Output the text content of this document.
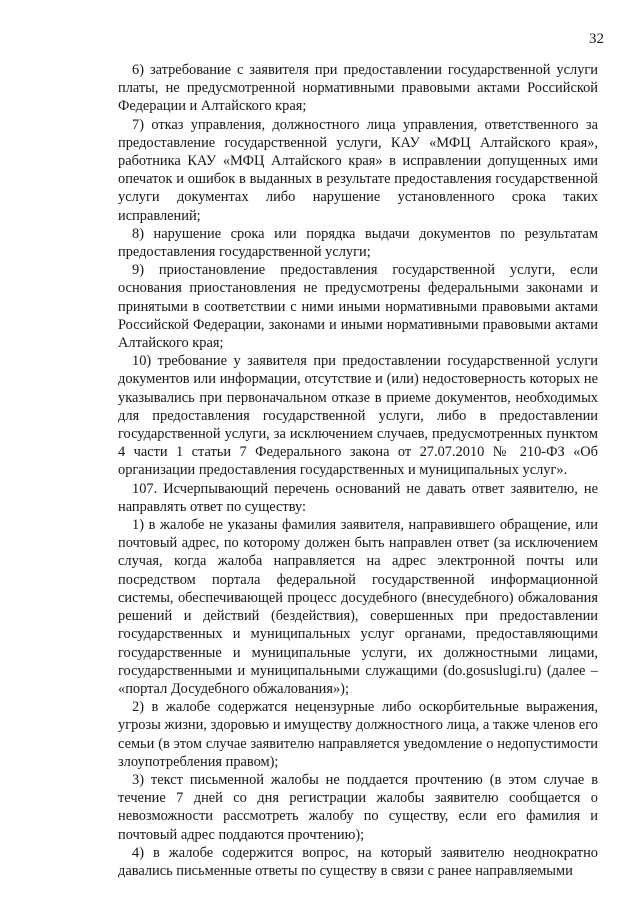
32

6) затребование с заявителя при предоставлении государственной услуги платы, не предусмотренной нормативными правовыми актами Российской Федерации и Алтайского края;

7) отказ управления, должностного лица управления, ответственного за предоставление государственной услуги, КАУ «МФЦ Алтайского края», работника КАУ «МФЦ Алтайского края» в исправлении допущенных ими опечаток и ошибок в выданных в результате предоставления государственной услуги документах либо нарушение установленного срока таких исправлений;

8) нарушение срока или порядка выдачи документов по результатам предоставления государственной услуги;

9) приостановление предоставления государственной услуги, если основания приостановления не предусмотрены федеральными законами и принятыми в соответствии с ними иными нормативными правовыми актами Российской Федерации, законами и иными нормативными правовыми актами Алтайского края;

10) требование у заявителя при предоставлении государственной услуги документов или информации, отсутствие и (или) недостоверность которых не указывались при первоначальном отказе в приеме документов, необходимых для предоставления государственной услуги, либо в предоставлении государственной услуги, за исключением случаев, предусмотренных пунктом 4 части 1 статьи 7 Федерального закона от 27.07.2010 № 210-ФЗ «Об организации предоставления государственных и муниципальных услуг».

107. Исчерпывающий перечень оснований не давать ответ заявителю, не направлять ответ по существу:

1) в жалобе не указаны фамилия заявителя, направившего обращение, или почтовый адрес, по которому должен быть направлен ответ (за исключением случая, когда жалоба направляется на адрес электронной почты или посредством портала федеральной государственной информационной системы, обеспечивающей процесс досудебного (внесудебного) обжалования решений и действий (бездействия), совершенных при предоставлении государственных и муниципальных услуг органами, предоставляющими государственные и муниципальные услуги, их должностными лицами, государственными и муниципальными служащими (do.gosuslugi.ru) (далее – «портал Досудебного обжалования»);

2) в жалобе содержатся нецензурные либо оскорбительные выражения, угрозы жизни, здоровью и имуществу должностного лица, а также членов его семьи (в этом случае заявителю направляется уведомление о недопустимости злоупотребления правом);

3) текст письменной жалобы не поддается прочтению (в этом случае в течение 7 дней со дня регистрации жалобы заявителю сообщается о невозможности рассмотреть жалобу по существу, если его фамилия и почтовый адрес поддаются прочтению);

4) в жалобе содержится вопрос, на который заявителю неоднократно давались письменные ответы по существу в связи с ранее направляемыми
